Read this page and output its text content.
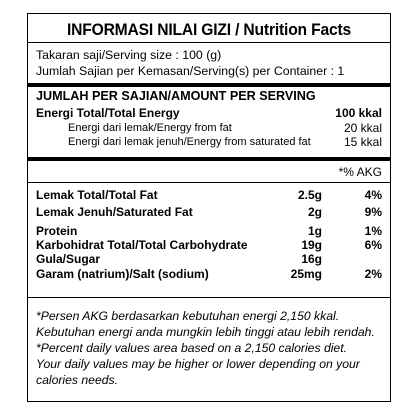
INFORMASI NILAI GIZI / Nutrition Facts
Takaran saji/Serving size : 100 (g)
Jumlah Sajian per Kemasan/Serving(s) per Container : 1
JUMLAH PER SAJIAN/AMOUNT PER SERVING
Energi Total/Total Energy	100 kkal
Energi dari lemak/Energy from fat	20 kkal
Energi dari lemak jenuh/Energy from saturated fat	15 kkal
*% AKG
Lemak Total/Total Fat	2.5g	4%
Lemak Jenuh/Saturated Fat	2g	9%
Protein	1g	1%
Karbohidrat Total/Total Carbohydrate	19g	6%
Gula/Sugar	16g
Garam (natrium)/Salt (sodium)	25mg	2%
*Persen AKG berdasarkan kebutuhan energi 2,150 kkal.
Kebutuhan energi anda mungkin lebih tinggi atau lebih rendah.
*Percent daily values area based on a 2,150 calories diet.
Your daily values may be higher or lower depending on your
calories needs.
